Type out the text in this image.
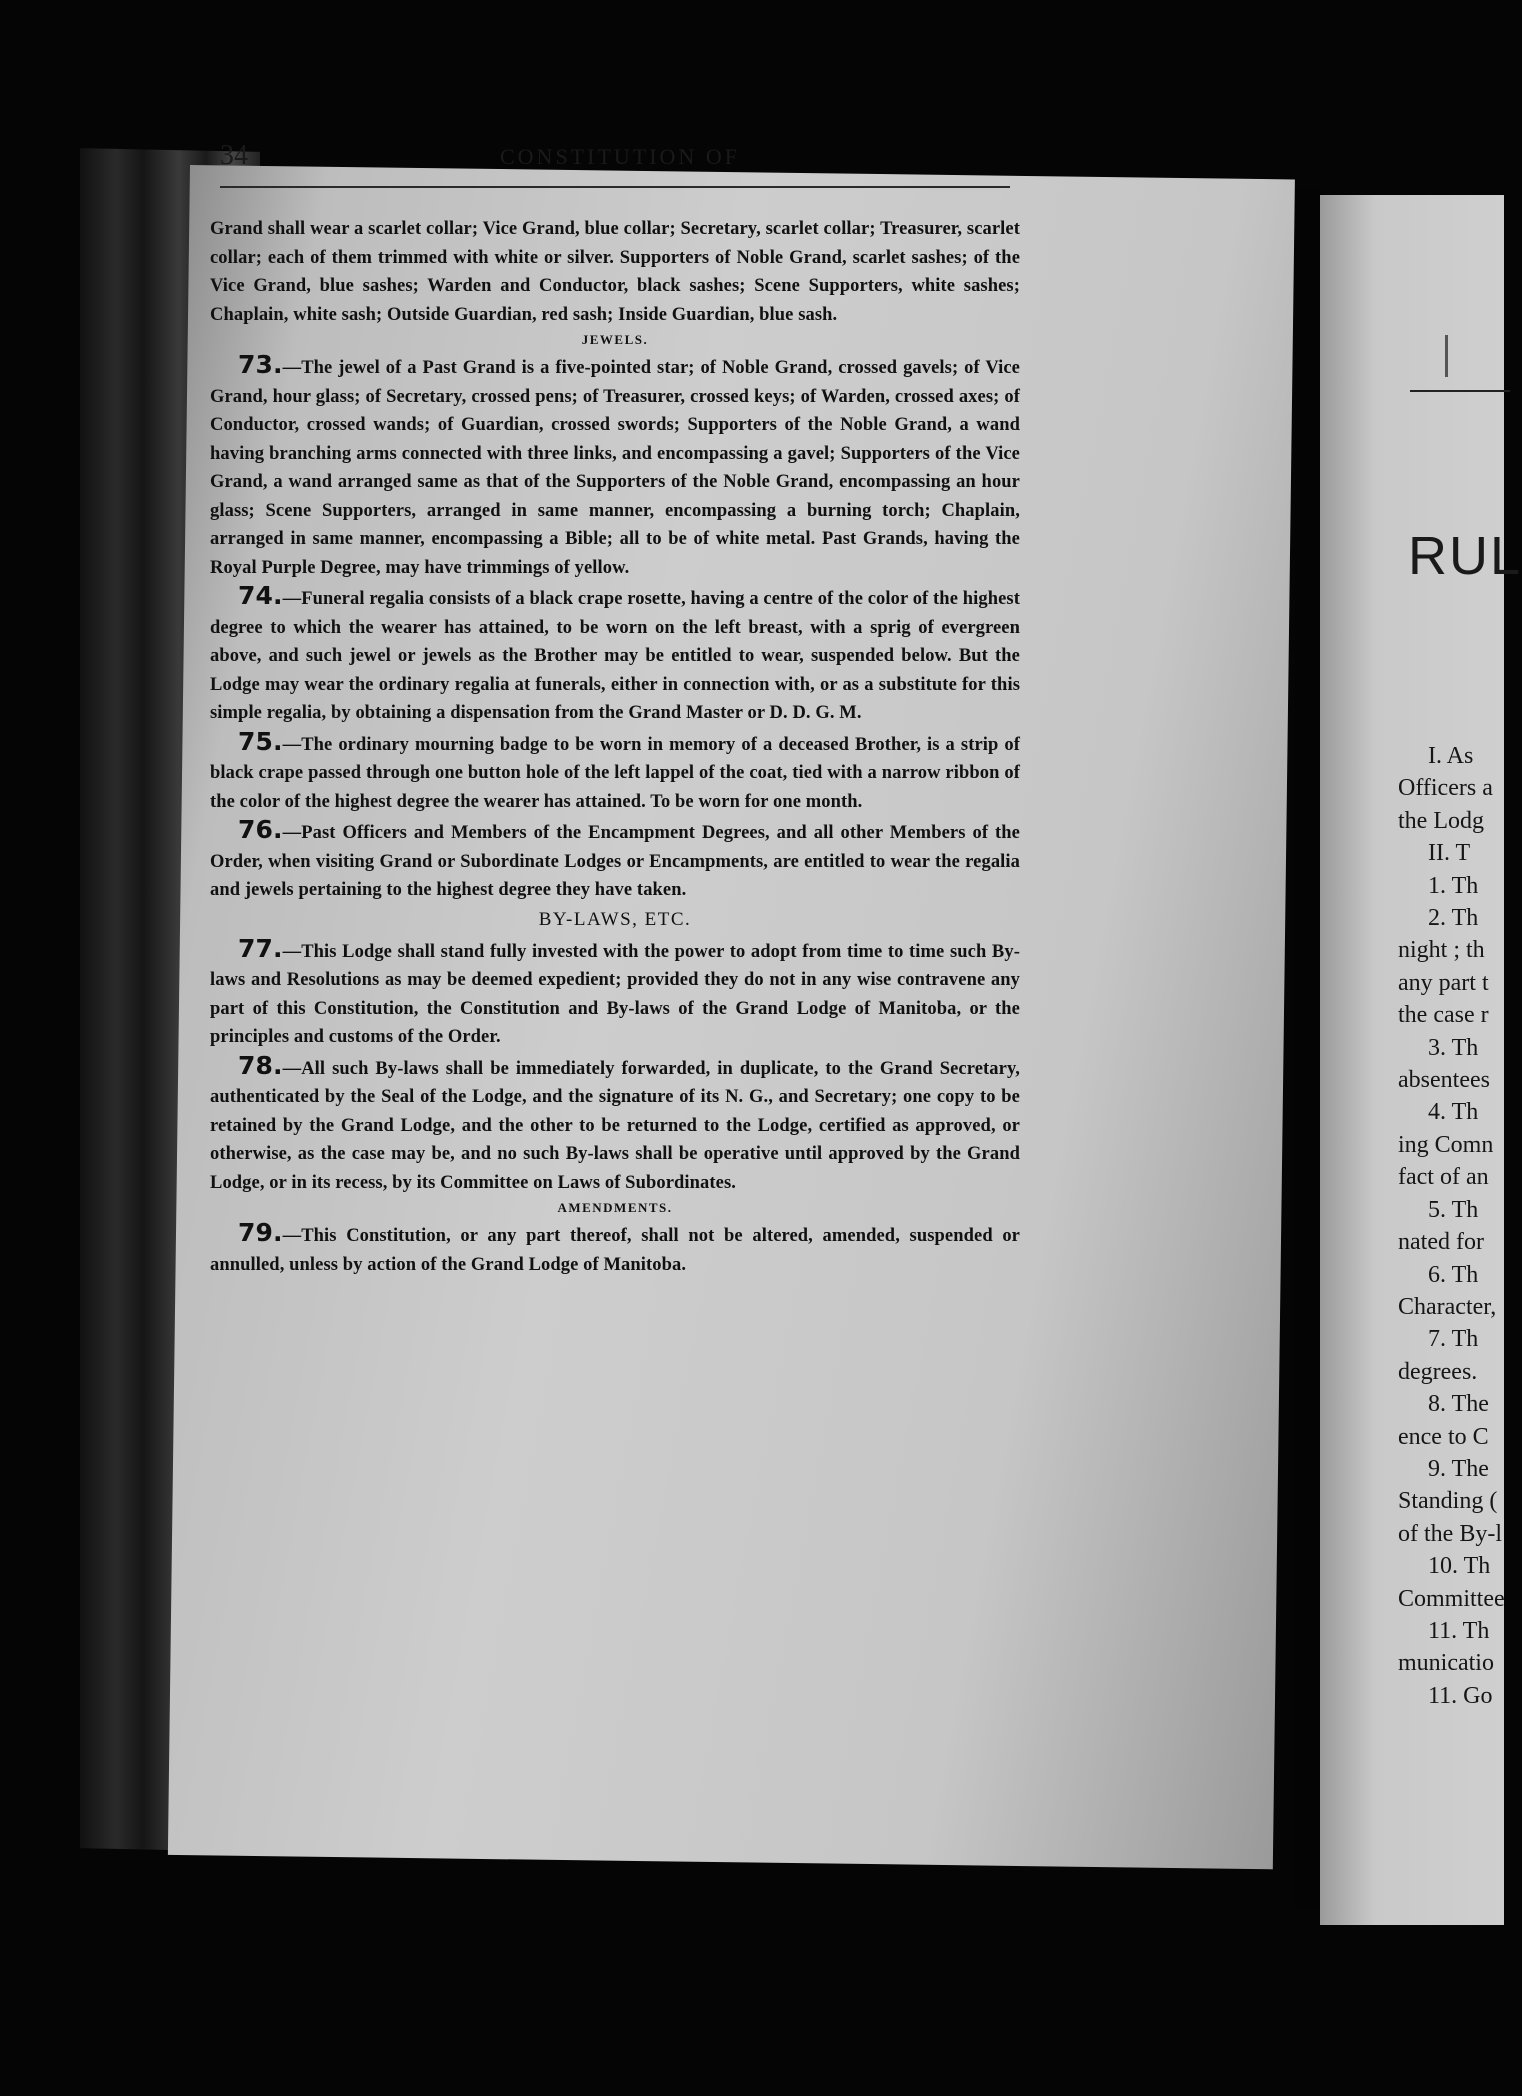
34	CONSTITUTION OF

Grand shall wear a scarlet collar; Vice Grand, blue collar; Secretary, scarlet collar; Treasurer, scarlet collar; each of them trimmed with white or silver. Supporters of Noble Grand, scarlet sashes; of the Vice Grand, blue sashes; Warden and Conductor, black sashes; Scene Supporters, white sashes; Chaplain, white sash; Outside Guardian, red sash; Inside Guardian, blue sash.

JEWELS.

73.—The jewel of a Past Grand is a five-pointed star; of Noble Grand, crossed gavels; of Vice Grand, hour glass; of Secretary, crossed pens; of Treasurer, crossed keys; of Warden, crossed axes; of Conductor, crossed wands; of Guardian, crossed swords; Supporters of the Noble Grand, a wand having branching arms connected with three links, and encompassing a gavel; Supporters of the Vice Grand, a wand arranged same as that of the Supporters of the Noble Grand, encompassing an hour glass; Scene Supporters, arranged in same manner, encompassing a burning torch; Chaplain, arranged in same manner, encompassing a Bible; all to be of white metal. Past Grands, having the Royal Purple Degree, may have trimmings of yellow.

74.—Funeral regalia consists of a black crape rosette, having a centre of the color of the highest degree to which the wearer has attained, to be worn on the left breast, with a sprig of evergreen above, and such jewel or jewels as the Brother may be entitled to wear, suspended below. But the Lodge may wear the ordinary regalia at funerals, either in connection with, or as a substitute for this simple regalia, by obtaining a dispensation from the Grand Master or D. D. G. M.

75.—The ordinary mourning badge to be worn in memory of a deceased Brother, is a strip of black crape passed through one button hole of the left lappel of the coat, tied with a narrow ribbon of the color of the highest degree the wearer has attained. To be worn for one month.

76.—Past Officers and Members of the Encampment Degrees, and all other Members of the Order, when visiting Grand or Subordinate Lodges or Encampments, are entitled to wear the regalia and jewels pertaining to the highest degree they have taken.

BY-LAWS, ETC.

77.—This Lodge shall stand fully invested with the power to adopt from time to time such By-laws and Resolutions as may be deemed expedient; provided they do not in any wise contravene any part of this Constitution, the Constitution and By-laws of the Grand Lodge of Manitoba, or the principles and customs of the Order.

78.—All such By-laws shall be immediately forwarded, in duplicate, to the Grand Secretary, authenticated by the Seal of the Lodge, and the signature of its N. G., and Secretary; one copy to be retained by the Grand Lodge, and the other to be returned to the Lodge, certified as approved, or otherwise, as the case may be, and no such By-laws shall be operative until approved by the Grand Lodge, or in its recess, by its Committee on Laws of Subordinates.

AMENDMENTS.

79.—This Constitution, or any part thereof, shall not be altered, amended, suspended or annulled, unless by action of the Grand Lodge of Manitoba.

RUL
I. As
Officers a
the Lodg
II. T
1. Th
2. Th
night ; th
any part t
the case r
3. Th
absentees
4. Th
ing Comn
fact of an
5. Th
nated for
6. Th
Character,
7. Th
degrees.
8. The
ence to C
9. The
Standing (
of the By-l
10. Th
Committee
11. Th
municatio
11. Go
